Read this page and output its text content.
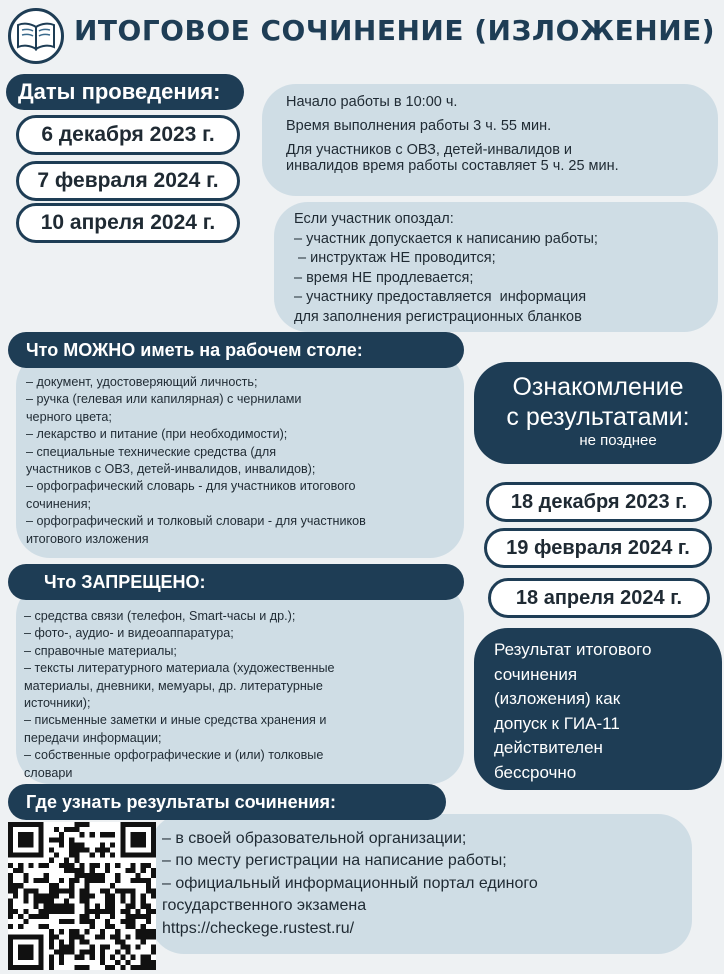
ИТОГОВОЕ СОЧИНЕНИЕ (ИЗЛОЖЕНИЕ)
Даты проведения:
6 декабря 2023 г.
7 февраля 2024 г.
10 апреля 2024 г.
Начало работы в 10:00 ч.
Время выполнения работы 3 ч. 55 мин.
Для участников с ОВЗ, детей-инвалидов и
инвалидов время работы составляет 5 ч. 25 мин.
Если участник опоздал:
– участник допускается к написанию работы;
– инструктаж НЕ проводится;
– время НЕ продлевается;
– участнику предоставляется  информация
для заполнения регистрационных бланков
– документ, удостоверяющий личность;
– ручка (гелевая или капилярная) с чернилами
черного цвета;
– лекарство и питание (при необходимости);
– специальные технические средства (для
участников с ОВЗ, детей-инвалидов, инвалидов);
– орфографический словарь - для участников итогового
сочинения;
– орфографический и толковый словари - для участников
итогового изложения
Что МОЖНО иметь на рабочем столе:
Ознакомление
с результатами:
не позднее
18 декабря 2023 г.
19 февраля 2024 г.
18 апреля 2024 г.
– средства связи (телефон, Smart-часы и др.);
– фото-, аудио- и видеоаппаратура;
– справочные материалы;
– тексты литературного материала (художественные
материалы, дневники, мемуары, др. литературные
источники);
– письменные заметки и иные средства хранения и
передачи информации;
– собственные орфографические и (или) толковые
словари
Что ЗАПРЕЩЕНО:
Результат итогового
сочинения
(изложения) как
допуск к ГИА-11
действителен
бессрочно
– в своей образовательной организации;
– по месту регистрации на написание работы;
– официальный информационный портал единого
государственного экзамена
https://checkege.rustest.ru/
Где узнать результаты сочинения:
